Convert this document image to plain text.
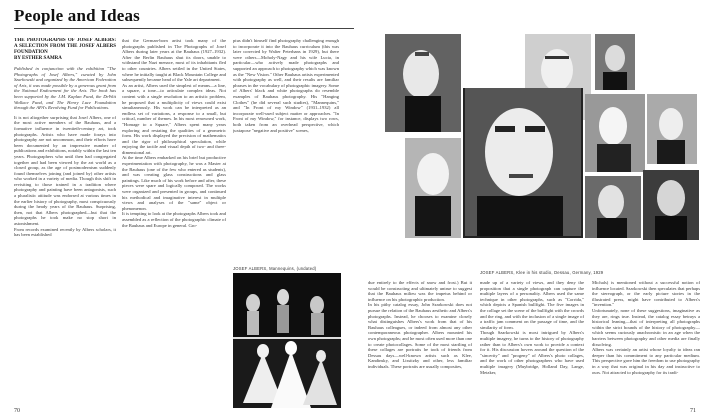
People and Ideas

THE PHOTOGRAPHS OF JOSEF ALBERS: A SELECTION FROM THE JOSEF ALBERS FOUNDATION

BY ESTHER SAMRA

Published in conjunction with the exhibition "The Photographs of Josef Albers," curated by John Szarkowski and organized by the American Federation of Arts, it was made possible by a generous grant from the National Endowment for the Arts. The book has been supported by the J.M. Kaplan Fund, the DeWitt Wallace Fund, and The Henry Luce Foundation through the AFA's Revolving Fund for Publications.

It is not altogether surprising that Josef Albers, one of the most active members of the Bauhaus, and a formative influence in twentieth-century art, took photographs. Artists who have made forays into photography are not uncommon, and their efforts have been documented by an impressive number of publications and exhibitions, notably within the last ten years. Photographers who until then had congregated together and had been viewed by the art world as a closed group, as the age of postmodernism suddenly found themselves joining (and joined by) other artists who worked in a variety of media. Though this shift in revisiting to those trained in a tradition where photography and painting have been antagonists, such a pluralistic attitude was endorsed at various times in the earlier history of photography, most conspicuously during the heady years of the Bauhaus. Surprising, then, not that Albers photographed—but that the photographs he took make no stop short in astonishment.
From records examined recently by Albers scholars, it has been established

that the German-born artist took many of the photographs published in The Photographs of Josef Albers during later years at the Bauhaus (1927–1932). After the Berlin Bauhaus shut its doors, unable to withstand the Nazi menace, most of its inhabitants fled to other countries. Albers settled in the United States, where he initially taught at Black Mountain College and subsequently became head of the Yale art department.
As an artist, Albers used the simplest of means—a line, a square, a tone—to articulate complex ideas. Not content with a single resolution to an artistic problem, he proposed that a multiplicity of views could exist simultaneously. His work can be interpreted as an endless set of variations, a response to a small, but critical, number of themes. In his most renowned work, "Homage to a Square," Albers spent many years exploring and restating the qualities of a geometric form. His work displayed the precision of mathematics and the rigor of philosophical speculation, while enjoying the tactile and visual depth of two- and three-dimensional art.
At the time Albers embarked on his brief but productive experimentation with photography, he was a Master at the Bauhaus (one of the few who entered as students), and was creating glass constructions and glass paintings. Like much of his work before and after, these pieces were spare and logically composed. The works were organized and presented in groups, and continued his methodical and imaginative interest in multiple views and analyses of the "same" object or phenomenon.
It is tempting to look at the photographs Albers took and assembled as a reflection of the photographic climate of the Bauhaus and Europe in general. Gro-
pius didn't himself find photography challenging enough to incorporate it into the Bauhaus curriculum (this was later corrected by Walter Peterhans in 1929), but there were others—Moholy-Nagy and his wife Lucia, in particular—who actively made photographs and supported an approach to photography which was known as the "New Vision." Other Bauhaus artists experimented with photography as well, and their results are familiar phrases in the vocabulary of photographic imagery. Some of Albers' black and white photographs do resemble examples of Bauhaus photography. His "Hanging Clothes" (he did several such studies), "Mannequins," and "In Front of my Window" (1931–1932) all incorporate well-used subject matter or approaches. "In Front of my Window," for instance, displays two rows, both taken from an overhead perspective, which juxtapose "negative and positive" scenes,
JOSEF ALBERS, Mannequins, (undated)
JOSEF ALBERS, Klee in his studio, Dessau, Germany, 1929
due entirely to the effects of snow and frost.) But it would be constructing and ultimately untrue to suggest that the Bauhaus milieu was the impetus behind or influence on his photographic production.
In his pithy catalog essay, John Szarkowski does not pursue the relation of the Bauhaus aesthetic and Albers's photographs. Instead, he chooses to examine closely what distinguishes Albers's work from that of his Bauhaus colleagues, or indeed from almost any other contemporaneous photographer. Albers mounted his own photographs; and he most often used more than one to create photocollages. Some of the most startling of these collages are portraits he took of friends from Dessau days—well-known artists such as Klee, Kandinsky, and Lissitzky and other, less familiar individuals. These portraits are usually composites,
made up of a variety of views, and they deny the proposition that a single photograph can capture the multiple layers of a personality. Albers used the same technique in other photographs, such as "Corrida," which depicts a Spanish bullfight. The five images in the collage set the scene of the bullfight with the crowds and the ring, and with the inclusion of a single image of a traffic jam comment on the passage of time, and the similarity of form.
Though Szarkowski is most intrigued by Albers's multiple imagery, he turns to the history of photography rather than to Albers's own work to provide a context for it. His discussion hovers around the question of the "sincerity" and "progeny" of Albers's photo collages, and the work of other photographers who have used multiple imagery (Muybridge, Holland Day, Lange, Metzker,
Michals) is mentioned without a successful notion of influence located. Szarkowski then speculates that perhaps the stereograph, or the early picture stories in the illustrated press, might have contributed to Albers's "invention."
Unfortunately, none of these suggestions, imaginative as they are, rings true. Instead, the catalog essay betrays a historical leaning—that of interpreting all photographs within the strict bounds of the history of photography—which seems curiously anachronistic in an age when the barriers between photography and other media are finally dissolving.
Albers was certainly an artist whose loyalty to ideas ran deeper than his commitment to any particular medium. This perspective gave him the freedom to use photography in a way that was original in his day and instructive to ours. Not attracted to photography for its tradi-
70	71
